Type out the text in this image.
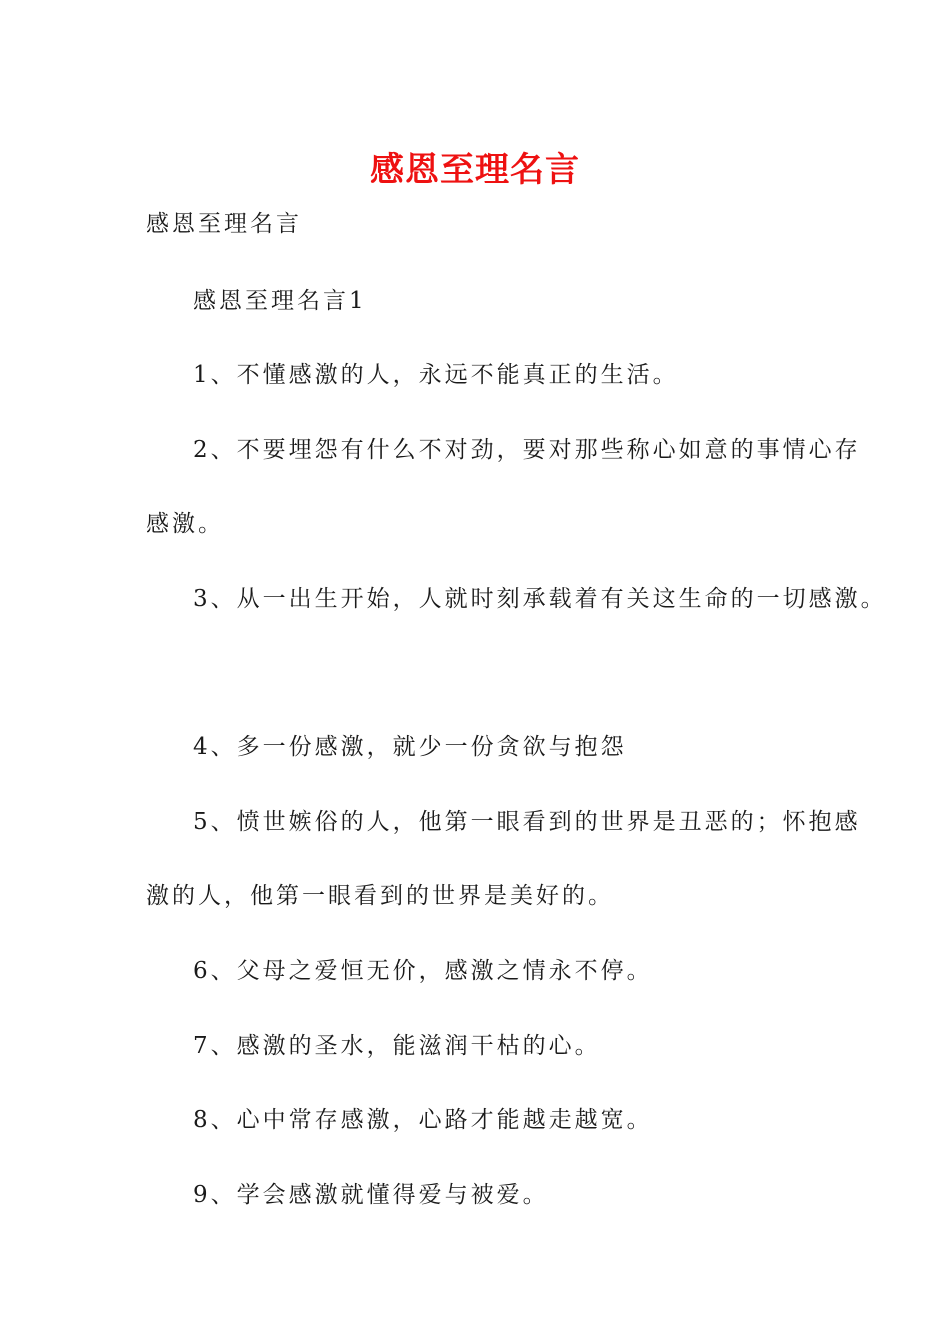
感恩至理名言
感恩至理名言
感恩至理名言1
1、不懂感激的人，永远不能真正的生活。
2、不要埋怨有什么不对劲，要对那些称心如意的事情心存
感激。
3、从一出生开始，人就时刻承载着有关这生命的一切感激。
4、多一份感激，就少一份贪欲与抱怨
5、愤世嫉俗的人，他第一眼看到的世界是丑恶的；怀抱感
激的人，他第一眼看到的世界是美好的。
6、父母之爱恒无价，感激之情永不停。
7、感激的圣水，能滋润干枯的心。
8、心中常存感激，心路才能越走越宽。
9、学会感激就懂得爱与被爱。
